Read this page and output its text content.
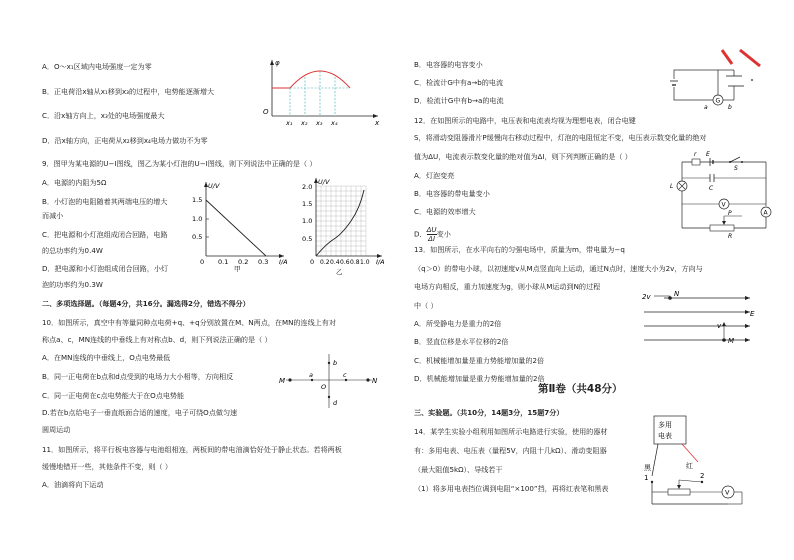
A．O～x₁区域内电场强度一定为零
B．正电荷沿x轴从x₁移到x₃的过程中，电势能逐渐增大
C．沿x轴方向上，x₃处的电场强度最大
D．沿x轴方向，正电荷从x₂移到x₄电场力做功不为零
φ
O
x
x₁ x₂ x₃ x₄
9．图甲为某电源的U−I图线，图乙为某小灯泡的U−I图线，则下列说法中正确的是（ ）
A．电源的内阻为5Ω
B．小灯泡的电阻随着其两端电压的增大
而减小
C．把电源和小灯泡组成闭合回路，电路
的总功率约为0.4W
D．把电源和小灯泡组成闭合回路，小灯
泡的功率约为0.3W
U/V
1.5
1.0
0.5
0 0.1 0.2 0.3 I/A
甲
U/V
2.0
1.5
1.0
0.5
0 0.2 0.4 0.6 0.8 1.0 I/A
乙
二、多项选择题。（每题4分，共16分。漏选得2分，错选不得分）
10．如图所示，真空中有等量同种点电荷+q、+q分别放置在M、N两点，在MN的连线上有对
称点a、c，MN连线的中垂线上有对称点b、d，则下列说法正确的是（ ）
A．在MN连线的中垂线上，O点电势最低
B．同一正电荷在b点和d点受到的电场力大小相等，方向相反
C．同一正电荷在c点电势能大于在O点电势能
D.若在b点给电子一垂直纸面合适的速度，电子可绕O点做匀速
圆周运动
M
a
O
c
N
b
d
11．如图所示，将平行板电容器与电池组相连，两板间的带电油滴恰好处于静止状态。若将两板
缓慢地错开一些，其他条件不变，则（ ）
A．油滴将向下运动
B．电容器的电容变小
C．检流计G中有a→b的电流
D．检流计G中有b→a的电流	G
a	b
12．在如图所示的电路中，电压表和电流表均视为理想电表，闭合电键
S，将滑动变阻器滑片P缓慢向右移动过程中，灯泡的电阻恒定不变，电压表示数变化量的绝对
值为ΔU，电流表示数变化量的绝对值为ΔI，则下列判断正确的是（ ）
A．灯泡变亮
B．电容器的带电量变小
C．电源的效率增大
D． $\frac{\Delta U}{\Delta I}$ 变小
r E
S
L	C
V
A
P
R
13．如图所示，在水平向右的匀强电场中，质量为m，带电量为−q
（q＞0）的带电小球，以初速度v从M点竖直向上运动，通过N点时，速度大小为2v，方向与
电场方向相反，重力加速度为g，则小球从M运动到N的过程
中（ ）
A．所受静电力是重力的2倍
B．竖直位移是水平位移的2倍
C．机械能增加量是重力势能增加量的2倍
D．机械能增加量是重力势能增加量的2倍
2v	N
E
v
M
第Ⅱ卷（共48分）
三、实验题。（共10分，14题3分，15题7分）
14．某学生实验小组利用如图所示电路进行实验，使用的器材
有：多用电表、电压表（量程5V，内阻十几kΩ）、滑动变阻器
（最大阻值5kΩ）、导线若干
（1）将多用电表挡位调到电阻“×100”挡，再将红表笔和黑表
多用
电表
黑	红
1	2
V
